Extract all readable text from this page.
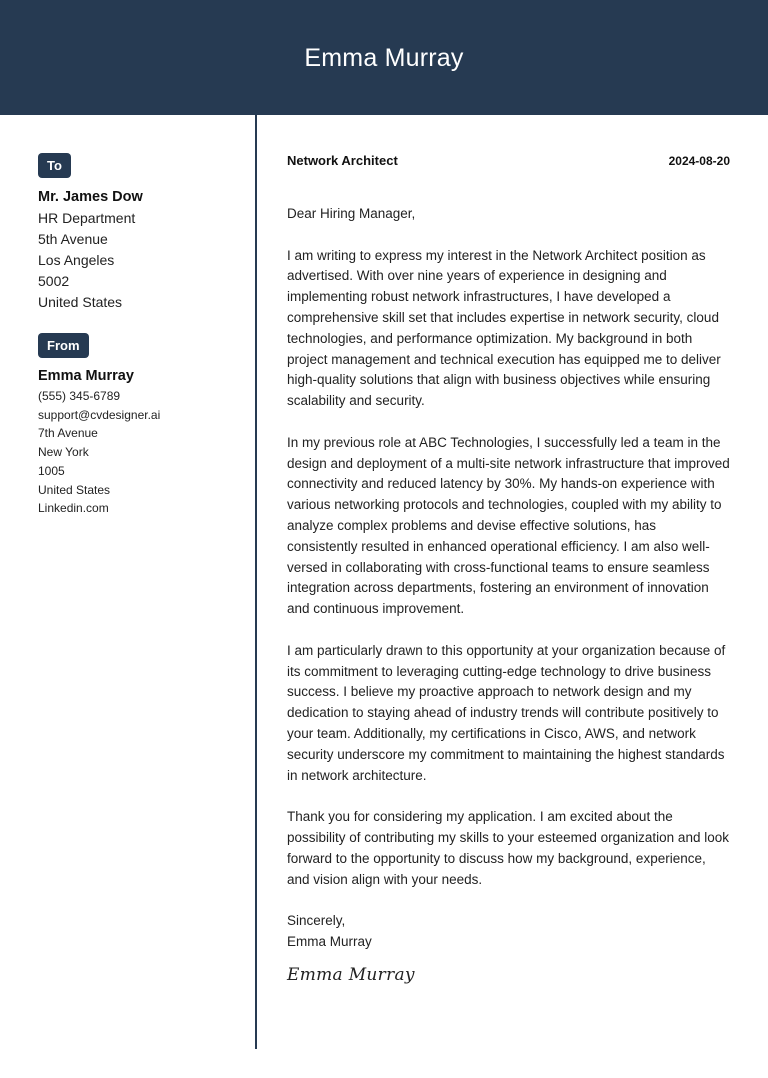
Emma Murray
To
Mr. James Dow
HR Department
5th Avenue
Los Angeles
5002
United States
From
Emma Murray
(555) 345-6789
support@cvdesigner.ai
7th Avenue
New York
1005
United States
Linkedin.com
Network Architect	2024-08-20
Dear Hiring Manager,

I am writing to express my interest in the Network Architect position as advertised. With over nine years of experience in designing and implementing robust network infrastructures, I have developed a comprehensive skill set that includes expertise in network security, cloud technologies, and performance optimization. My background in both project management and technical execution has equipped me to deliver high-quality solutions that align with business objectives while ensuring scalability and security.

In my previous role at ABC Technologies, I successfully led a team in the design and deployment of a multi-site network infrastructure that improved connectivity and reduced latency by 30%. My hands-on experience with various networking protocols and technologies, coupled with my ability to analyze complex problems and devise effective solutions, has consistently resulted in enhanced operational efficiency. I am also well-versed in collaborating with cross-functional teams to ensure seamless integration across departments, fostering an environment of innovation and continuous improvement.

I am particularly drawn to this opportunity at your organization because of its commitment to leveraging cutting-edge technology to drive business success. I believe my proactive approach to network design and my dedication to staying ahead of industry trends will contribute positively to your team. Additionally, my certifications in Cisco, AWS, and network security underscore my commitment to maintaining the highest standards in network architecture.

Thank you for considering my application. I am excited about the possibility of contributing my skills to your esteemed organization and look forward to the opportunity to discuss how my background, experience, and vision align with your needs.

Sincerely,
Emma Murray
Emma Murray
